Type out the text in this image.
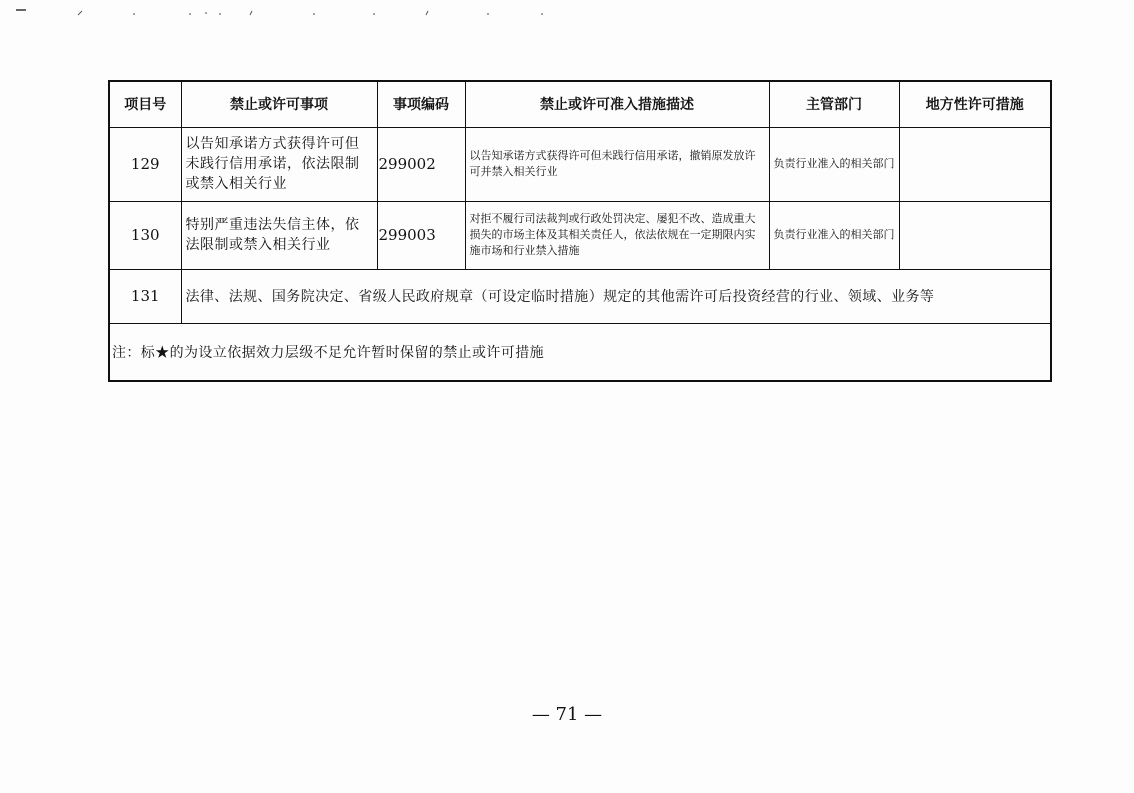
项目号	禁止或许可事项	事项编码	禁止或许可准入措施描述	主管部门	地方性许可措施
129	以告知承诺方式获得许可但未践行信用承诺，依法限制或禁入相关行业	299002	以告知承诺方式获得许可但未践行信用承诺，撤销原发放许可并禁入相关行业	负责行业准入的相关部门	
130	特别严重违法失信主体，依法限制或禁入相关行业	299003	对拒不履行司法裁判或行政处罚决定、屡犯不改、造成重大损失的市场主体及其相关责任人，依法依规在一定期限内实施市场和行业禁入措施	负责行业准入的相关部门	
131	法律、法规、国务院决定、省级人民政府规章（可设定临时措施）规定的其他需许可后投资经营的行业、领域、业务等				
注：标★的为设立依据效力层级不足允许暂时保留的禁止或许可措施					
— 71 —
